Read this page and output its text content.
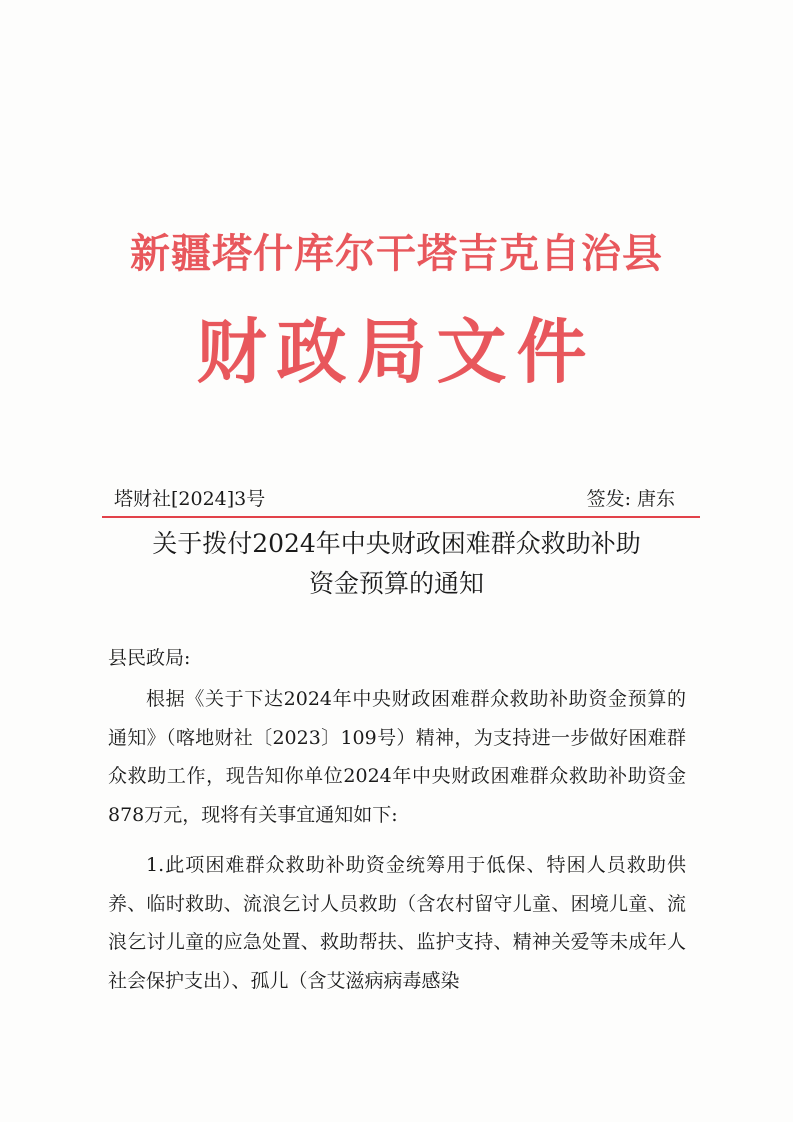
新疆塔什库尔干塔吉克自治县
财政局文件
塔财社[2024]3号	签发: 唐东
关于拨付2024年中央财政困难群众救助补助
资金预算的通知
县民政局:
根据《关于下达2024年中央财政困难群众救助补助资金预算的通知》（喀地财社〔2023〕109号）精神，为支持进一步做好困难群众救助工作，现告知你单位2024年中央财政困难群众救助补助资金878万元，现将有关事宜通知如下:
1.此项困难群众救助补助资金统筹用于低保、特困人员救助供养、临时救助、流浪乞讨人员救助（含农村留守儿童、困境儿童、流浪乞讨儿童的应急处置、救助帮扶、监护支持、精神关爱等未成年人社会保护支出）、孤儿（含艾滋病病毒感染
